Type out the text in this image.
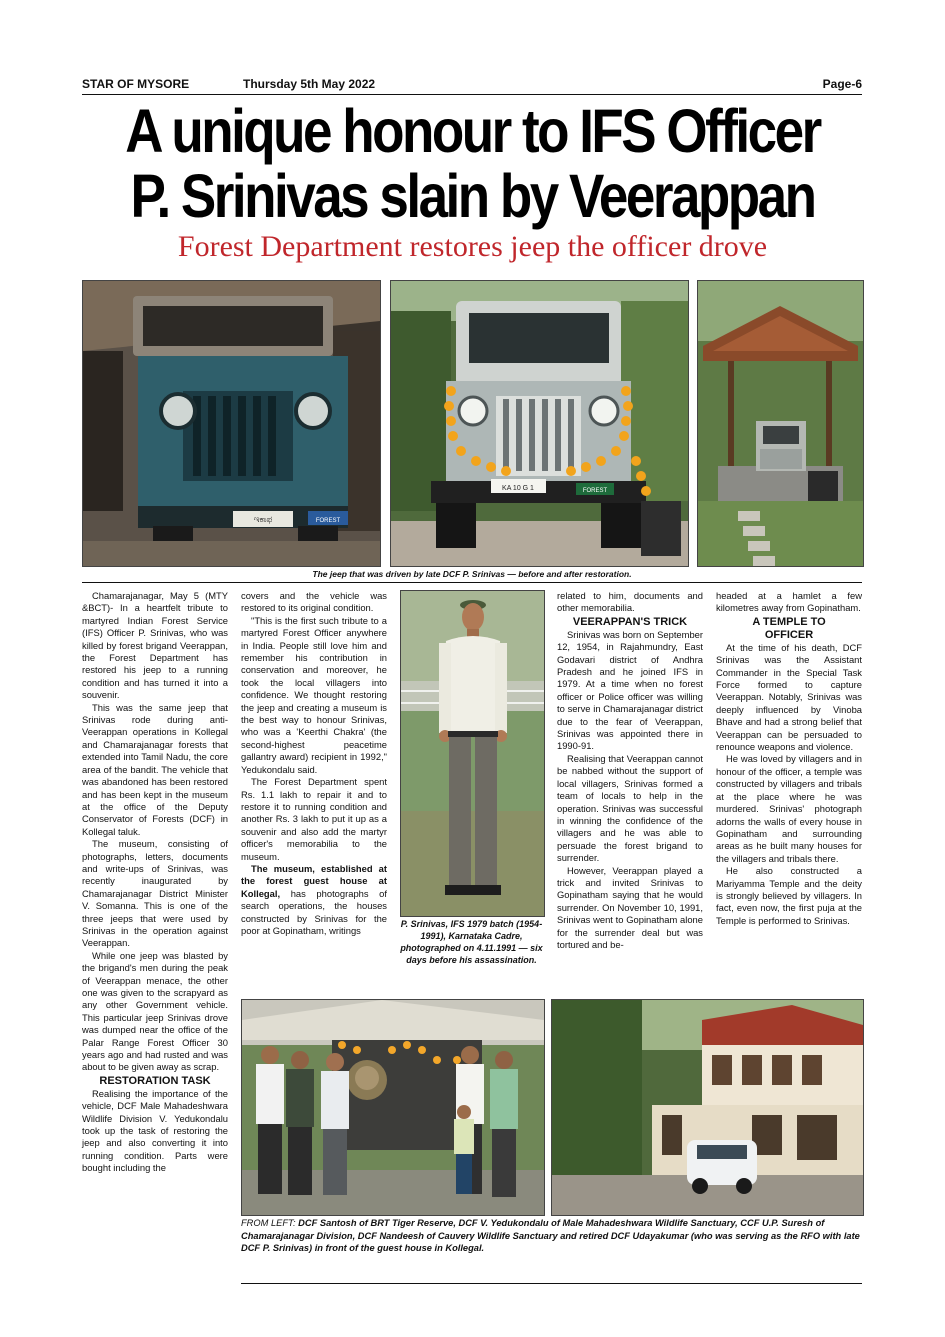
STAR OF MYSORE	Thursday 5th May 2022	Page-6
A unique honour to IFS Officer
P. Srinivas slain by Veerappan
Forest Department restores jeep the officer drove
ಇಕಾಫ	FOREST
KA 10 G 1	FOREST
The jeep that was driven by late DCF P. Srinivas — before and after restoration.

Chamarajanagar, May 5 (MTY &BCT)- In a heartfelt tribute to martyred Indian Forest Service (IFS) Officer P. Srinivas, who was killed by forest brigand Veerappan, the Forest Department has restored his jeep to a running condition and has turned it into a souvenir.

This was the same jeep that Srinivas rode during anti-Veerappan operations in Kollegal and Chamarajanagar forests that extended into Tamil Nadu, the core area of the bandit. The vehicle that was abandoned has been restored and has been kept in the museum at the office of the Deputy Conservator of Forests (DCF) in Kollegal taluk.

The museum, consisting of photographs, letters, documents and write-ups of Srinivas, was recently inaugurated by Chamarajanagar District Minister V. Somanna. This is one of the three jeeps that were used by Srinivas in the operation against Veerappan.

While one jeep was blasted by the brigand's men during the peak of Veerappan menace, the other one was given to the scrapyard as any other Government vehicle. This particular jeep Srinivas drove was dumped near the office of the Palar Range Forest Officer 30 years ago and had rusted and was about to be given away as scrap.

RESTORATION TASK

Realising the importance of the vehicle, DCF Male Mahadeshwara Wildlife Division V. Yedukondalu took up the task of restoring the jeep and also converting it into running condition. Parts were bought including the

covers and the vehicle was restored to its original condition.

"This is the first such tribute to a martyred Forest Officer anywhere in India. People still love him and remember his contribution in conservation and moreover, he took the local villagers into confidence. We thought restoring the jeep and creating a museum is the best way to honour Srinivas, who was a 'Keerthi Chakra' (the second-highest peacetime gallantry award) recipient in 1992," Yedukondalu said.

The Forest Department spent Rs. 1.1 lakh to repair it and to restore it to running condition and another Rs. 3 lakh to put it up as a souvenir and also add the martyr officer's memorabilia to the museum.

The museum, established at the forest guest house at Kollegal, has photographs of search operations, the houses constructed by Srinivas for the poor at Gopinatham, writings

P. Srinivas, IFS 1979 batch (1954-1991), Karnataka Cadre, photographed on 4.11.1991 — six days before his assassination.

related to him, documents and other memorabilia.

VEERAPPAN'S TRICK

Srinivas was born on September 12, 1954, in Rajahmundry, East Godavari district of Andhra Pradesh and he joined IFS in 1979. At a time when no forest officer or Police officer was willing to serve in Chamarajanagar district due to the fear of Veerappan, Srinivas was appointed there in 1990-91.

Realising that Veerappan cannot be nabbed without the support of local villagers, Srinivas formed a team of locals to help in the operation. Srinivas was successful in winning the confidence of the villagers and he was able to persuade the forest brigand to surrender.

However, Veerappan played a trick and invited Srinivas to Gopinatham saying that he would surrender. On November 10, 1991, Srinivas went to Gopinatham alone for the surrender deal but was tortured and be-

headed at a hamlet a few kilometres away from Gopinatham.

A TEMPLE TO

OFFICER

At the time of his death, DCF Srinivas was the Assistant Commander in the Special Task Force formed to capture Veerappan. Notably, Srinivas was deeply influenced by Vinoba Bhave and had a strong belief that Veerappan can be persuaded to renounce weapons and violence.

He was loved by villagers and in honour of the officer, a temple was constructed by villagers and tribals at the place where he was murdered. Srinivas' photograph adorns the walls of every house in Gopinatham and surrounding areas as he built many houses for the villagers and tribals there.

He also constructed a Mariyamma Temple and the deity is strongly believed by villagers. In fact, even now, the first puja at the Temple is performed to Srinivas.

FROM LEFT: DCF Santosh of BRT Tiger Reserve, DCF V. Yedukondalu of Male Mahadeshwara Wildlife Sanctuary, CCF U.P. Suresh of Chamarajanagar Division, DCF Nandeesh of Cauvery Wildlife Sanctuary and retired DCF Udayakumar (who was serving as the RFO with late DCF P. Srinivas) in front of the guest house in Kollegal.
